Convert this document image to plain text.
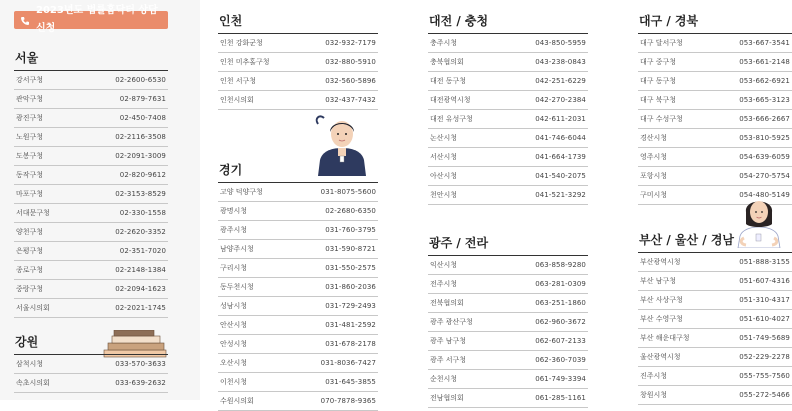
2023년도 법률홈닥터 상담 신청
서울
강서구청	02-2600-6530
관악구청	02-879-7631
광진구청	02-450-7408
노원구청	02-2116-3508
도봉구청	02-2091-3009
동작구청	02-820-9612
마포구청	02-3153-8529
서대문구청	02-330-1558
양천구청	02-2620-3352
은평구청	02-351-7020
종로구청	02-2148-1384
중랑구청	02-2094-1623
서울시의회	02-2021-1745
강원
삼척시청	033-570-3633
속초시의회	033-639-2632
인천
인천 강화군청	032-932-7179
인천 미추홀구청	032-880-5910
인천 서구청	032-560-5896
인천시의회	032-437-7432
경기
고양 덕양구청	031-8075-5600
광명시청	02-2680-6350
광주시청	031-760-3795
남양주시청	031-590-8721
구리시청	031-550-2575
동두천시청	031-860-2036
성남시청	031-729-2493
안산시청	031-481-2592
안성시청	031-678-2178
오산시청	031-8036-7427
이천시청	031-645-3855
수원시의회	070-7878-9365
대전 / 충청
충주시청	043-850-5959
충북협의회	043-238-0843
대전 동구청	042-251-6229
대전광역시청	042-270-2384
대전 유성구청	042-611-2031
논산시청	041-746-6044
서산시청	041-664-1739
아산시청	041-540-2075
천안시청	041-521-3292
광주 / 전라
익산시청	063-858-9280
전주시청	063-281-0309
전북협의회	063-251-1860
광주 광산구청	062-960-3672
광주 남구청	062-607-2133
광주 서구청	062-360-7039
순천시청	061-749-3394
전남협의회	061-285-1161
대구 / 경북
대구 달서구청	053-667-3541
대구 중구청	053-661-2148
대구 동구청	053-662-6921
대구 북구청	053-665-3123
대구 수성구청	053-666-2667
경산시청	053-810-5925
영주시청	054-639-6059
포항시청	054-270-5754
구미시청	054-480-5149
부산 / 울산 / 경남
부산광역시청	051-888-3155
부산 남구청	051-607-4316
부산 사상구청	051-310-4317
부산 수영구청	051-610-4027
부산 해운대구청	051-749-5689
울산광역시청	052-229-2278
진주시청	055-755-7560
창원시청	055-272-5466
